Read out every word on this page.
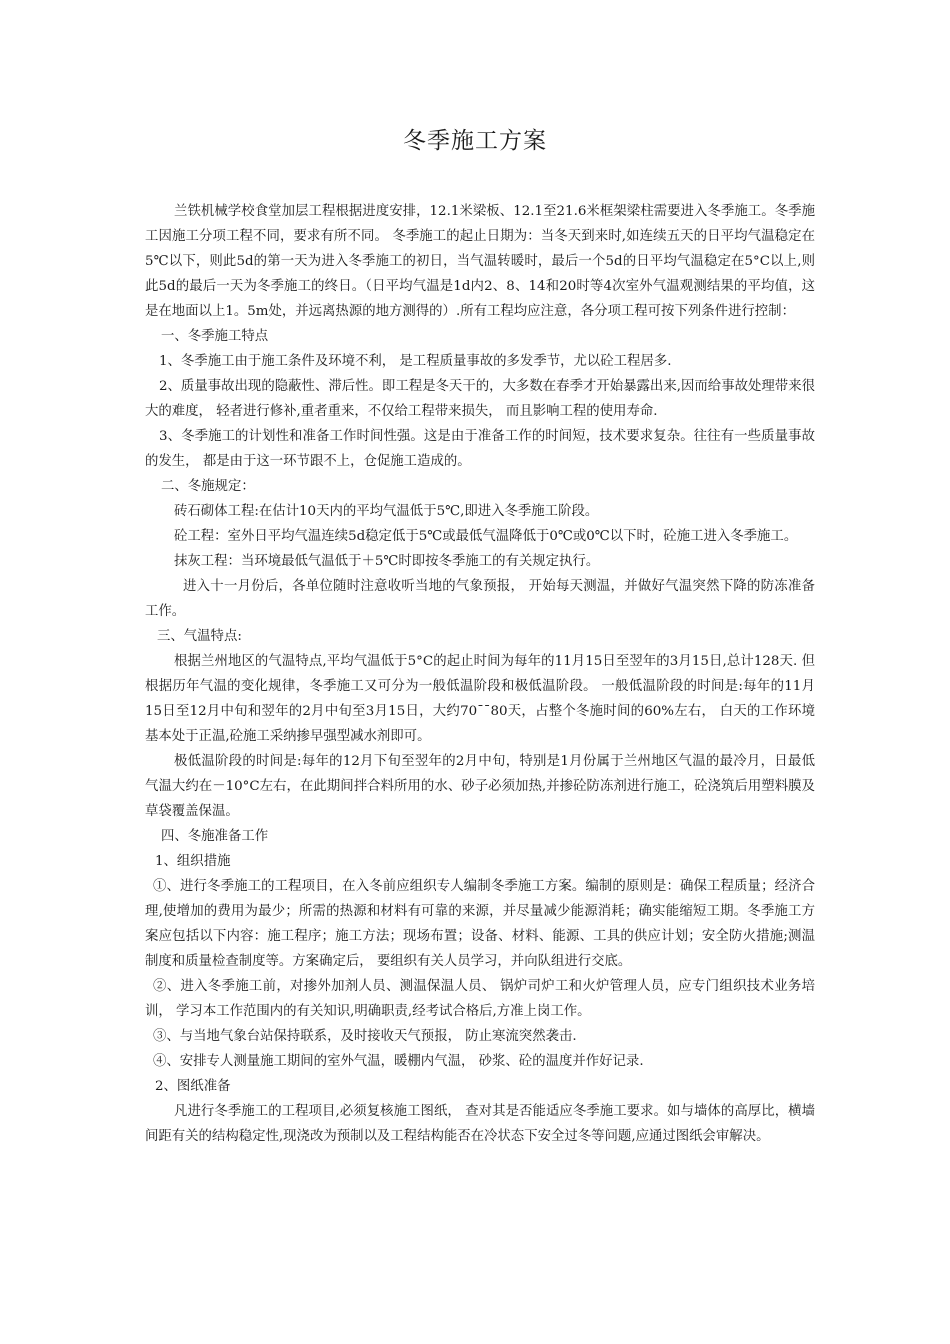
冬季施工方案

兰铁机械学校食堂加层工程根据进度安排，12.1米梁板、12.1至21.6米框架梁柱需要进入冬季施工。冬季施工因施工分项工程不同，要求有所不同。 冬季施工的起止日期为：当冬天到来时,如连续五天的日平均气温稳定在5℃以下，则此5d的第一天为进入冬季施工的初日，当气温转暖时，最后一个5d的日平均气温稳定在5°C以上,则此5d的最后一天为冬季施工的终日。（日平均气温是1d内2、8、14和20时等4次室外气温观测结果的平均值，这是在地面以上1。5m处，并远离热源的地方测得的）.所有工程均应注意，各分项工程可按下列条件进行控制：

一、冬季施工特点

1、冬季施工由于施工条件及环境不利， 是工程质量事故的多发季节，尤以砼工程居多.

2、质量事故出现的隐蔽性、滞后性。即工程是冬天干的，大多数在春季才开始暴露出来,因而给事故处理带来很大的难度， 轻者进行修补,重者重来，不仅给工程带来损失， 而且影响工程的使用寿命.

3、冬季施工的计划性和准备工作时间性强。这是由于准备工作的时间短，技术要求复杂。往往有一些质量事故的发生， 都是由于这一环节跟不上，仓促施工造成的。

二、冬施规定：

砖石砌体工程:在估计10天内的平均气温低于5℃,即进入冬季施工阶段。

砼工程：室外日平均气温连续5d稳定低于5℃或最低气温降低于0℃或0℃以下时，砼施工进入冬季施工。

抹灰工程：当环境最低气温低于＋5℃时即按冬季施工的有关规定执行。

进入十一月份后，各单位随时注意收听当地的气象预报， 开始每天测温，并做好气温突然下降的防冻准备工作。

三、气温特点:

根据兰州地区的气温特点,平均气温低于5°C的起止时间为每年的11月15日至翌年的3月15日,总计128天. 但根据历年气温的变化规律，冬季施工又可分为一般低温阶段和极低温阶段。 一般低温阶段的时间是:每年的11月15日至12月中旬和翌年的2月中旬至3月15日，大约70¯¯80天，占整个冬施时间的60%左右， 白天的工作环境基本处于正温,砼施工采纳掺早强型减水剂即可。

极低温阶段的时间是:每年的12月下旬至翌年的2月中旬，特别是1月份属于兰州地区气温的最冷月，日最低气温大约在－10°C左右，在此期间拌合料所用的水、砂子必须加热,并掺砼防冻剂进行施工，砼浇筑后用塑料膜及草袋覆盖保温。

四、冬施准备工作

1、组织措施

①、进行冬季施工的工程项目，在入冬前应组织专人编制冬季施工方案。编制的原则是：确保工程质量；经济合理,使增加的费用为最少；所需的热源和材料有可靠的来源，并尽量减少能源消耗；确实能缩短工期。冬季施工方案应包括以下内容：施工程序；施工方法；现场布置；设备、材料、能源、工具的供应计划；安全防火措施;测温制度和质量检查制度等。方案确定后， 要组织有关人员学习，并向队组进行交底。

②、进入冬季施工前，对掺外加剂人员、测温保温人员、 锅炉司炉工和火炉管理人员，应专门组织技术业务培训， 学习本工作范围内的有关知识,明确职责,经考试合格后,方准上岗工作。

③、与当地气象台站保持联系，及时接收天气预报， 防止寒流突然袭击.

④、安排专人测量施工期间的室外气温，暖棚内气温， 砂浆、砼的温度并作好记录.

2、图纸准备

凡进行冬季施工的工程项目,必须复核施工图纸， 查对其是否能适应冬季施工要求。如与墙体的高厚比，横墙间距有关的结构稳定性,现浇改为预制以及工程结构能否在冷状态下安全过冬等问题,应通过图纸会审解决。
